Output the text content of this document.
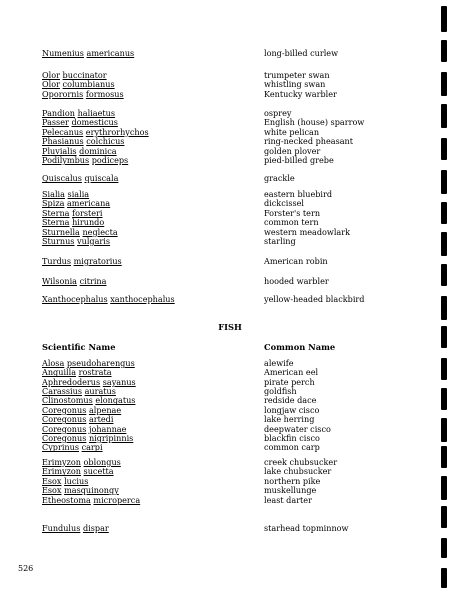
Numenius americanus	long-billed curlew
Olor buccinator	trumpeter swan
Olor columbianus	whistling swan
Oporornis formosus	Kentucky warbler
Pandion haliaetus	osprey
Passer domesticus	English (house) sparrow
Pelecanus erythrorhychos	white pelican
Phasianus colchicus	ring-necked pheasant
Pluvialis dominica	golden plover
Podilymbus podiceps	pied-billed grebe
Quiscalus quiscala	grackle
Sialia sialia	eastern bluebird
Spiza americana	dickcissel
Sterna forsteri	Forster's tern
Sterna hirundo	common tern
Sturnella neglecta	western meadowlark
Sturnus vulgaris	starling
Turdus migratorius	American robin
Wilsonia citrina	hooded warbler
Xanthocephalus xanthocephalus	yellow-headed blackbird
FISH
Scientific Name	Common Name
Alosa pseudoharengus	alewife
Anguilla rostrata	American eel
Aphredoderus sayanus	pirate perch
Carassius auratus	goldfish
Clinostomus elongatus	redside dace
Coregonus alpenae	longjaw cisco
Coregonus artedi	lake herring
Coregonus johannae	deepwater cisco
Coregonus nigripinnis	blackfin cisco
Cyprinus carpi	common carp
Erimyzon oblongus	creek chubsucker
Erimyzon sucetta	lake chubsucker
Esox lucius	northern pike
Esox masquinongy	muskellunge
Etheostoma microperca	least darter
Fundulus dispar	starhead topminnow
526
